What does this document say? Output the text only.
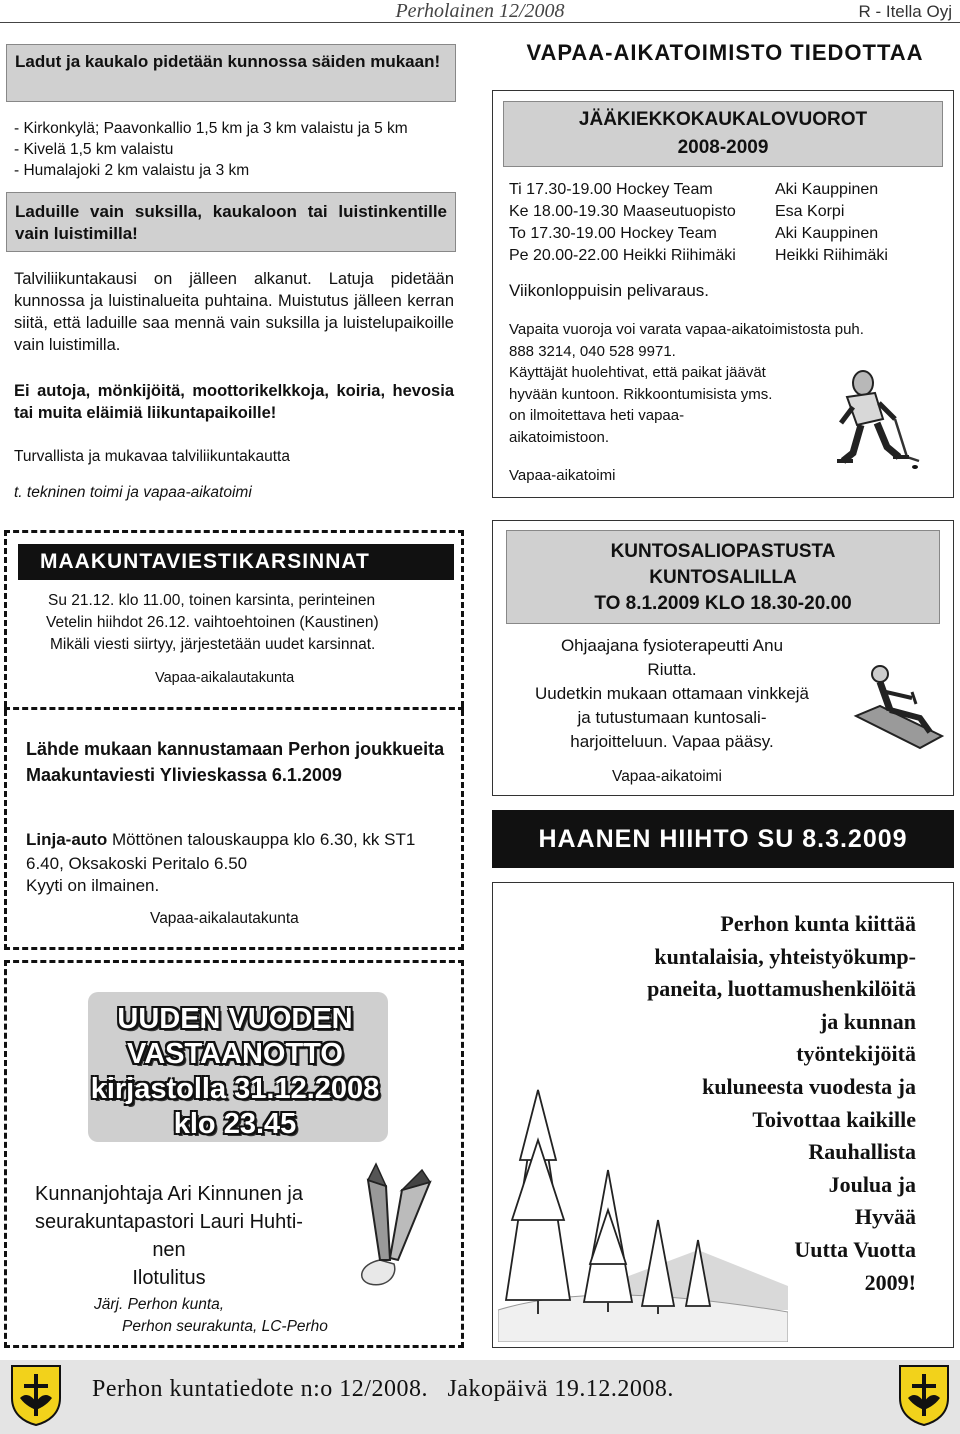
Perholainen 12/2008	R - Itella Oyj
Ladut ja kaukalo pidetään kunnossa säiden mukaan!
- Kirkonkylä; Paavonkallio 1,5 km ja 3 km valaistu ja 5 km
- Kivelä 1,5 km valaistu
- Humalajoki 2 km valaistu ja 3 km
Laduille vain suksilla, kaukaloon tai luistinkentille vain luistimilla!
Talviliikuntakausi on jälleen alkanut. Latuja pidetään kunnossa ja luistinalueita puhtaina. Muistutus jälleen kerran siitä, että laduille saa mennä vain suksilla ja luistelupaikoille vain luistimilla.
Ei autoja, mönkijöitä, moottorikelkkoja, koiria, hevosia tai muita eläimiä liikuntapaikoille!
Turvallista ja mukavaa talviliikuntakautta
t. tekninen toimi ja vapaa-aikatoimi
VAPAA-AIKATOIMISTO TIEDOTTAA
JÄÄKIEKKOKAUKALOVUOROT
2008-2009
Ti 17.30-19.00 Hockey Team	Aki Kauppinen
Ke 18.00-19.30 Maaseutuopisto	Esa Korpi
To 17.30-19.00 Hockey Team	Aki Kauppinen
Pe 20.00-22.00 Heikki Riihimäki	Heikki Riihimäki
Viikonloppuisin pelivaraus.
Vapaita vuoroja voi varata vapaa-aikatoimistosta puh.
888 3214, 040 528 9971.
Käyttäjät huolehtivat, että paikat jäävät
hyvään kuntoon. Rikkoontumisista yms.
on ilmoitettava heti vapaa-
aikatoimistoon.
Vapaa-aikatoimi
MAAKUNTAVIESTIKARSINNAT
Su 21.12. klo 11.00, toinen karsinta, perinteinen
Vetelin hiihdot 26.12. vaihtoehtoinen (Kaustinen)
Mikäli viesti siirtyy, järjestetään uudet karsinnat.
Vapaa-aikalautakunta
Lähde mukaan kannustamaan Perhon joukkueita Maakuntaviesti Ylivieskassa 6.1.2009
Linja-auto Möttönen talouskauppa klo 6.30, kk ST1 6.40, Oksakoski Peritalo 6.50
Kyyti on ilmainen.
Vapaa-aikalautakunta
KUNTOSALIOPASTUSTA
KUNTOSALILLA
TO 8.1.2009 KLO 18.30-20.00
Ohjaajana fysioterapeutti Anu
Riutta.
Uudetkin mukaan ottamaan vinkkejä
ja tutustumaan kuntosali-
harjoitteluun. Vapaa pääsy.
Vapaa-aikatoimi
HAANEN HIIHTO SU 8.3.2009
UUDEN VUODEN
VASTAANOTTO
kirjastolla 31.12.2008
klo 23.45
Kunnanjohtaja Ari Kinnunen ja
seurakuntapastori Lauri Huhti-
nen
Ilotulitus
Järj. Perhon kunta,
Perhon seurakunta, LC-Perho
Perhon kunta kiittää
kuntalaisia, yhteistyökump-
paneita, luottamushenkilöitä
ja kunnan
työntekijöitä
kuluneesta vuodesta ja
Toivottaa kaikille
Rauhallista
Joulua ja
Hyvää
Uutta Vuotta
2009!
Perhon kuntatiedote n:o 12/2008.   Jakopäivä 19.12.2008.
